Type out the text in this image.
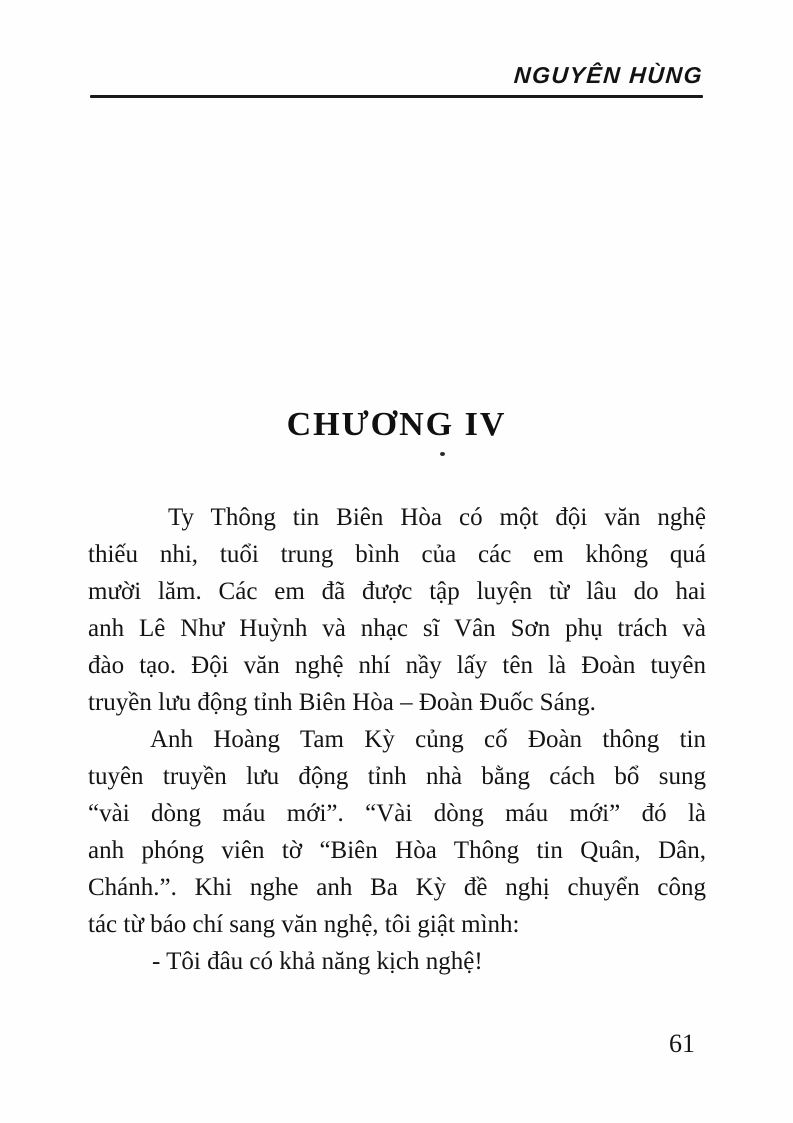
NGUYÊN HÙNG
CHƯƠNG IV
Ty Thông tin Biên Hòa có một đội văn nghệ
thiếu nhi, tuổi trung bình của các em không quá
mười lăm. Các em đã được tập luyện từ lâu do hai
anh Lê Như Huỳnh và nhạc sĩ Vân Sơn phụ trách và
đào tạo. Đội văn nghệ nhí nầy lấy tên là Đoàn tuyên
truyền lưu động tỉnh Biên Hòa – Đoàn Đuốc Sáng.
Anh Hoàng Tam Kỳ củng cố Đoàn thông tin
tuyên truyền lưu động tỉnh nhà bằng cách bổ sung
“vài dòng máu mới”. “Vài dòng máu mới” đó là
anh phóng viên tờ “Biên Hòa Thông tin Quân, Dân,
Chánh.”. Khi nghe anh Ba Kỳ đề nghị chuyển công
tác từ báo chí sang văn nghệ, tôi giật mình:
- Tôi đâu có khả năng kịch nghệ!
61
